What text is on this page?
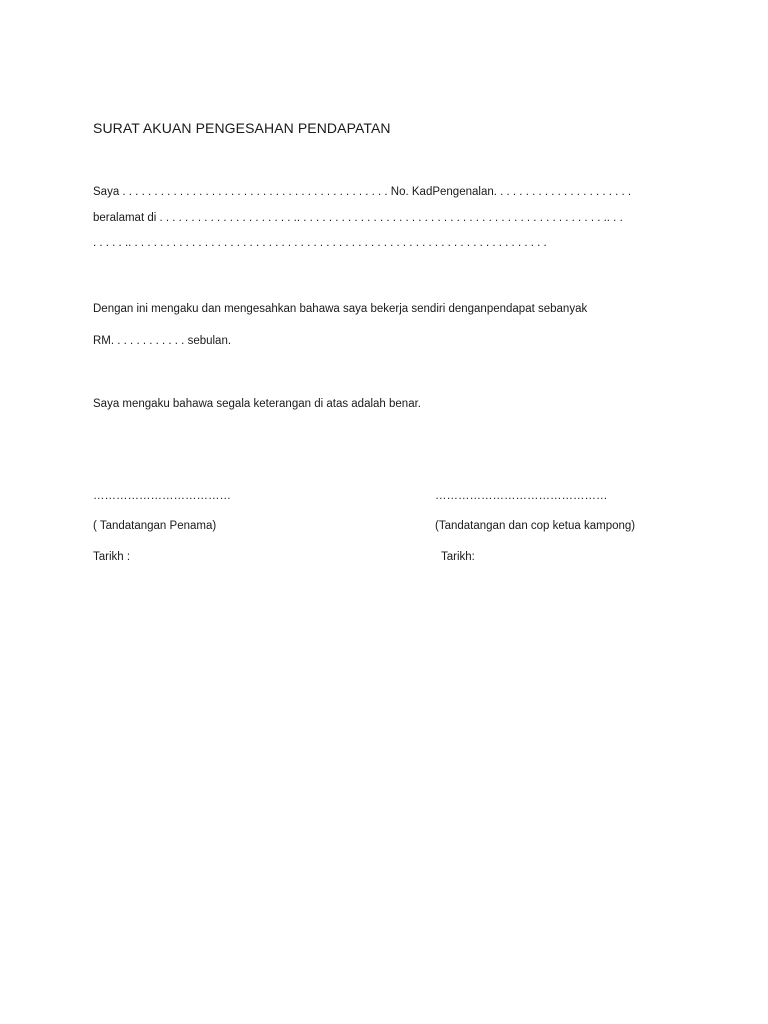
SURAT AKUAN PENGESAHAN PENDAPATAN
Saya . . . . . . . . . . . . . . . . . . . . . . . . . . . . . . . . . . . . . . . . . . No. KadPengenalan. . . . . . . . . . . . . . . . . . . . . .
beralamat di . . . . . . . . . . . . . . . . . . . . . .. . . . . . . . . . . . . . . . . . . . . . . . . . . . . . . . . . . . . . . . . . . . . . . . .. . .
. . . . . .. . . . . . . . . . . . . . . . . . . . . . . . . . . . . . . . . . . . . . . . . . . . . . . . . . . . . . . . . . . . . . . . . .
Dengan ini mengaku dan mengesahkan bahawa saya bekerja sendiri denganpendapat sebanyak
RM. . . . . . . . . . . . sebulan.
Saya mengaku bahawa segala keterangan di atas adalah benar.
………………………………
( Tandatangan Penama)
Tarikh :
………………………………………
(Tandatangan dan cop ketua kampong)
Tarikh:
